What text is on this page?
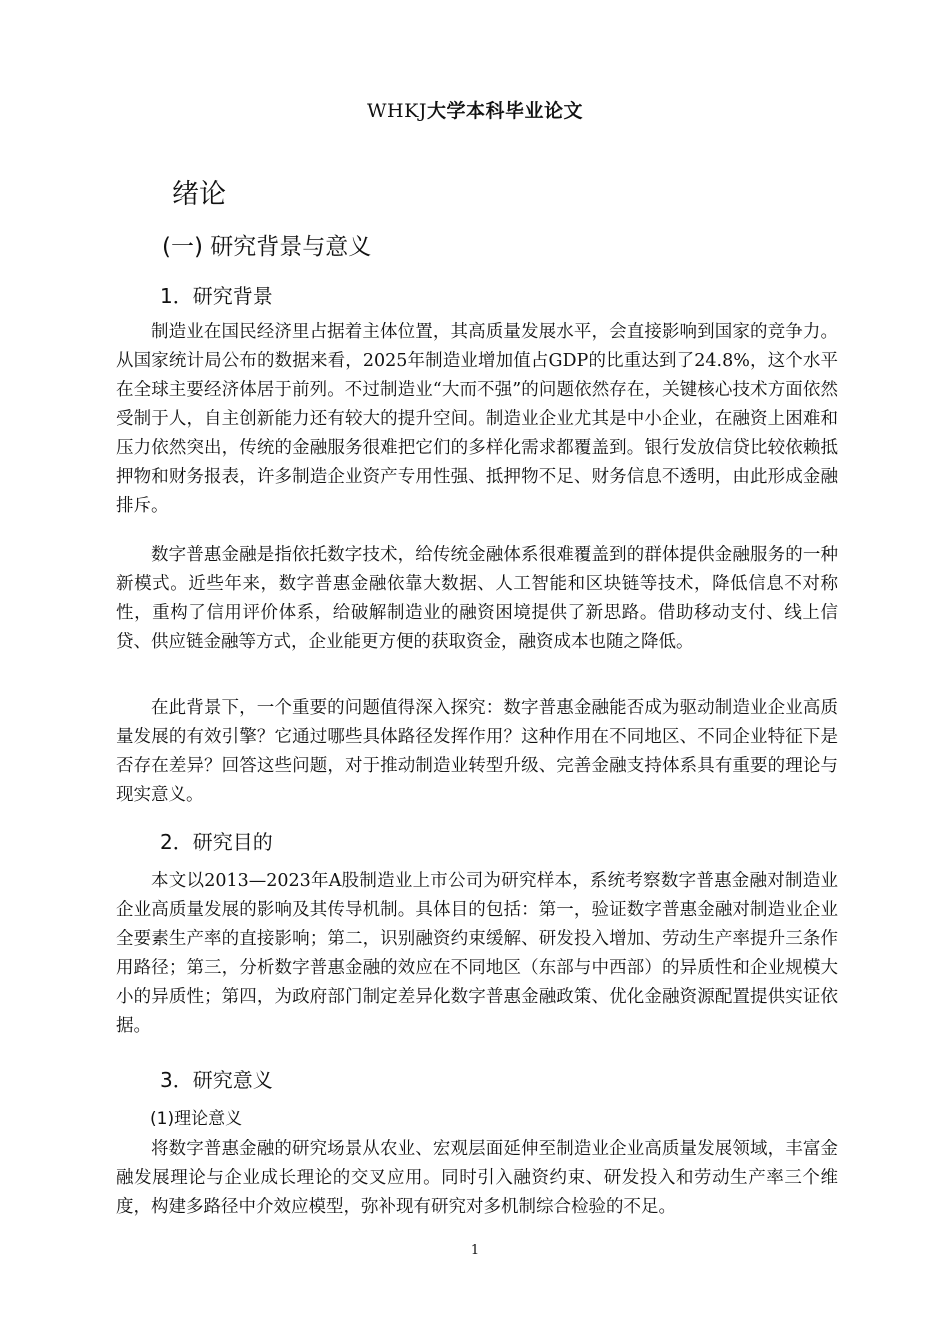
WHKJ大学本科毕业论文
绪论
(一) 研究背景与意义
1．研究背景

制造业在国民经济里占据着主体位置，其高质量发展水平，会直接影响到国家的竞争力。从国家统计局公布的数据来看，2025年制造业增加值占GDP的比重达到了24.8%，这个水平在全球主要经济体居于前列。不过制造业“大而不强”的问题依然存在，关键核心技术方面依然受制于人，自主创新能力还有较大的提升空间。制造业企业尤其是中小企业，在融资上困难和压力依然突出，传统的金融服务很难把它们的多样化需求都覆盖到。银行发放信贷比较依赖抵押物和财务报表，许多制造企业资产专用性强、抵押物不足、财务信息不透明，由此形成金融排斥。

数字普惠金融是指依托数字技术，给传统金融体系很难覆盖到的群体提供金融服务的一种新模式。近些年来，数字普惠金融依靠大数据、人工智能和区块链等技术，降低信息不对称性，重构了信用评价体系，给破解制造业的融资困境提供了新思路。借助移动支付、线上信贷、供应链金融等方式，企业能更方便的获取资金，融资成本也随之降低。

在此背景下，一个重要的问题值得深入探究：数字普惠金融能否成为驱动制造业企业高质量发展的有效引擎？它通过哪些具体路径发挥作用？这种作用在不同地区、不同企业特征下是否存在差异？回答这些问题，对于推动制造业转型升级、完善金融支持体系具有重要的理论与现实意义。

2．研究目的

本文以2013—2023年A股制造业上市公司为研究样本，系统考察数字普惠金融对制造业企业高质量发展的影响及其传导机制。具体目的包括：第一，验证数字普惠金融对制造业企业全要素生产率的直接影响；第二，识别融资约束缓解、研发投入增加、劳动生产率提升三条作用路径；第三，分析数字普惠金融的效应在不同地区（东部与中西部）的异质性和企业规模大小的异质性；第四，为政府部门制定差异化数字普惠金融政策、优化金融资源配置提供实证依据。

3．研究意义
(1)理论意义

将数字普惠金融的研究场景从农业、宏观层面延伸至制造业企业高质量发展领域，丰富金融发展理论与企业成长理论的交叉应用。同时引入融资约束、研发投入和劳动生产率三个维度，构建多路径中介效应模型，弥补现有研究对多机制综合检验的不足。

1
